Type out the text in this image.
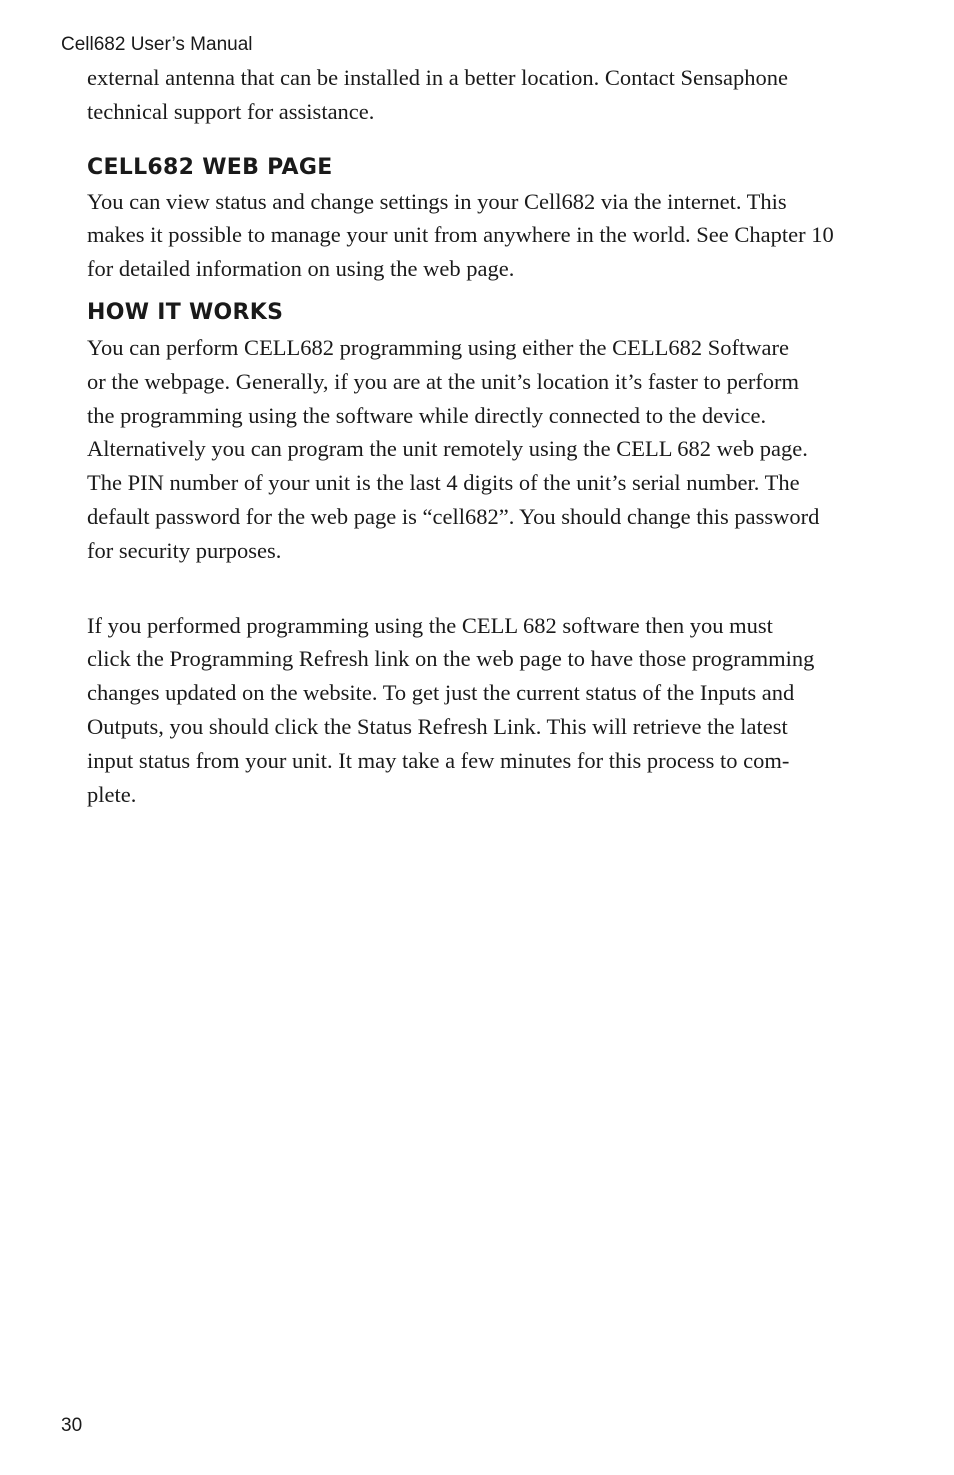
Cell682 User’s Manual

external antenna that can be installed in a better location. Contact Sensaphone
technical support for assistance.

CELL682 WEB PAGE

You can view status and change settings in your Cell682 via the internet. This
makes it possible to manage your unit from anywhere in the world. See Chapter 10
for detailed information on using the web page.

HOW IT WORKS

You can perform CELL682 programming using either the CELL682 Software
or the webpage. Generally, if you are at the unit’s location it’s faster to perform
the programming using the software while directly connected to the device.
Alternatively you can program the unit remotely using the CELL 682 web page.
The PIN number of your unit is the last 4 digits of the unit’s serial number. The
default password for the web page is “cell682”. You should change this password
for security purposes.

If you performed programming using the CELL 682 software then you must
click the Programming Refresh link on the web page to have those programming
changes updated on the website. To get just the current status of the Inputs and
Outputs, you should click the Status Refresh Link. This will retrieve the latest
input status from your unit. It may take a few minutes for this process to com-
plete.

30
